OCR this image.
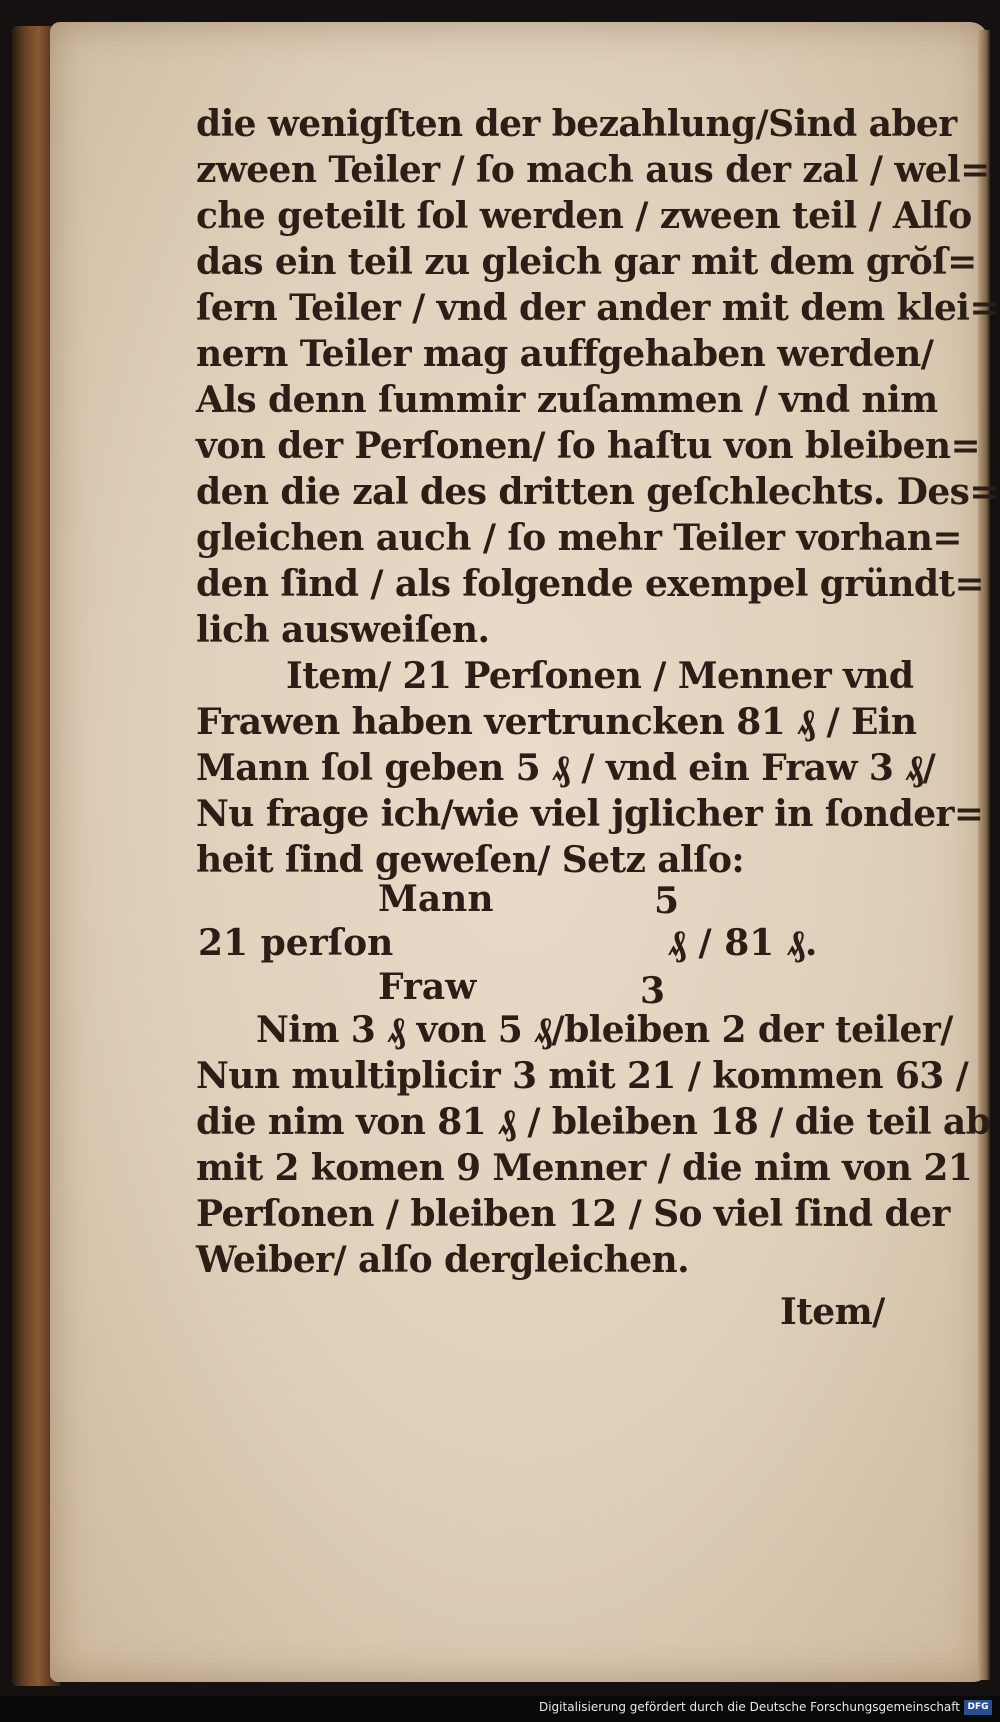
die wenigſten der bezahlung/Sind aber
zween Teiler / ſo mach aus der zal / wel=
che geteilt ſol werden / zween teil / Alſo
das ein teil zu gleich gar mit dem grŏſ=
ſern Teiler / vnd der ander mit dem klei=
nern Teiler mag auffgehaben werden/
Als denn ſummir zuſammen / vnd nim
von der Perſonen/ ſo haſtu von bleiben=
den die zal des dritten geſchlechts. Des=
gleichen auch / ſo mehr Teiler vorhan=
den ſind / als folgende exempel gründt=
lich ausweiſen.
Item/ 21 Perſonen / Menner vnd
Frawen haben vertruncken 81 ₰ / Ein
Mann ſol geben 5 ₰ / vnd ein Fraw 3 ₰/
Nu frage ich/wie viel jglicher in ſonder=
heit ſind geweſen/ Setz alſo:
Mann	5
21 perſon	₰ / 81 ₰.
Fraw	3
Nim 3 ₰ von 5 ₰/bleiben 2 der teiler/
Nun multiplicir 3 mit 21 / kommen 63 /
die nim von 81 ₰ / bleiben 18 / die teil ab
mit 2 komen 9 Menner / die nim von 21
Perſonen / bleiben 12 / So viel ſind der
Weiber/ alſo dergleichen.
Item/
Digitalisierung gefördert durch die Deutsche Forschungsgemeinschaft DFG
